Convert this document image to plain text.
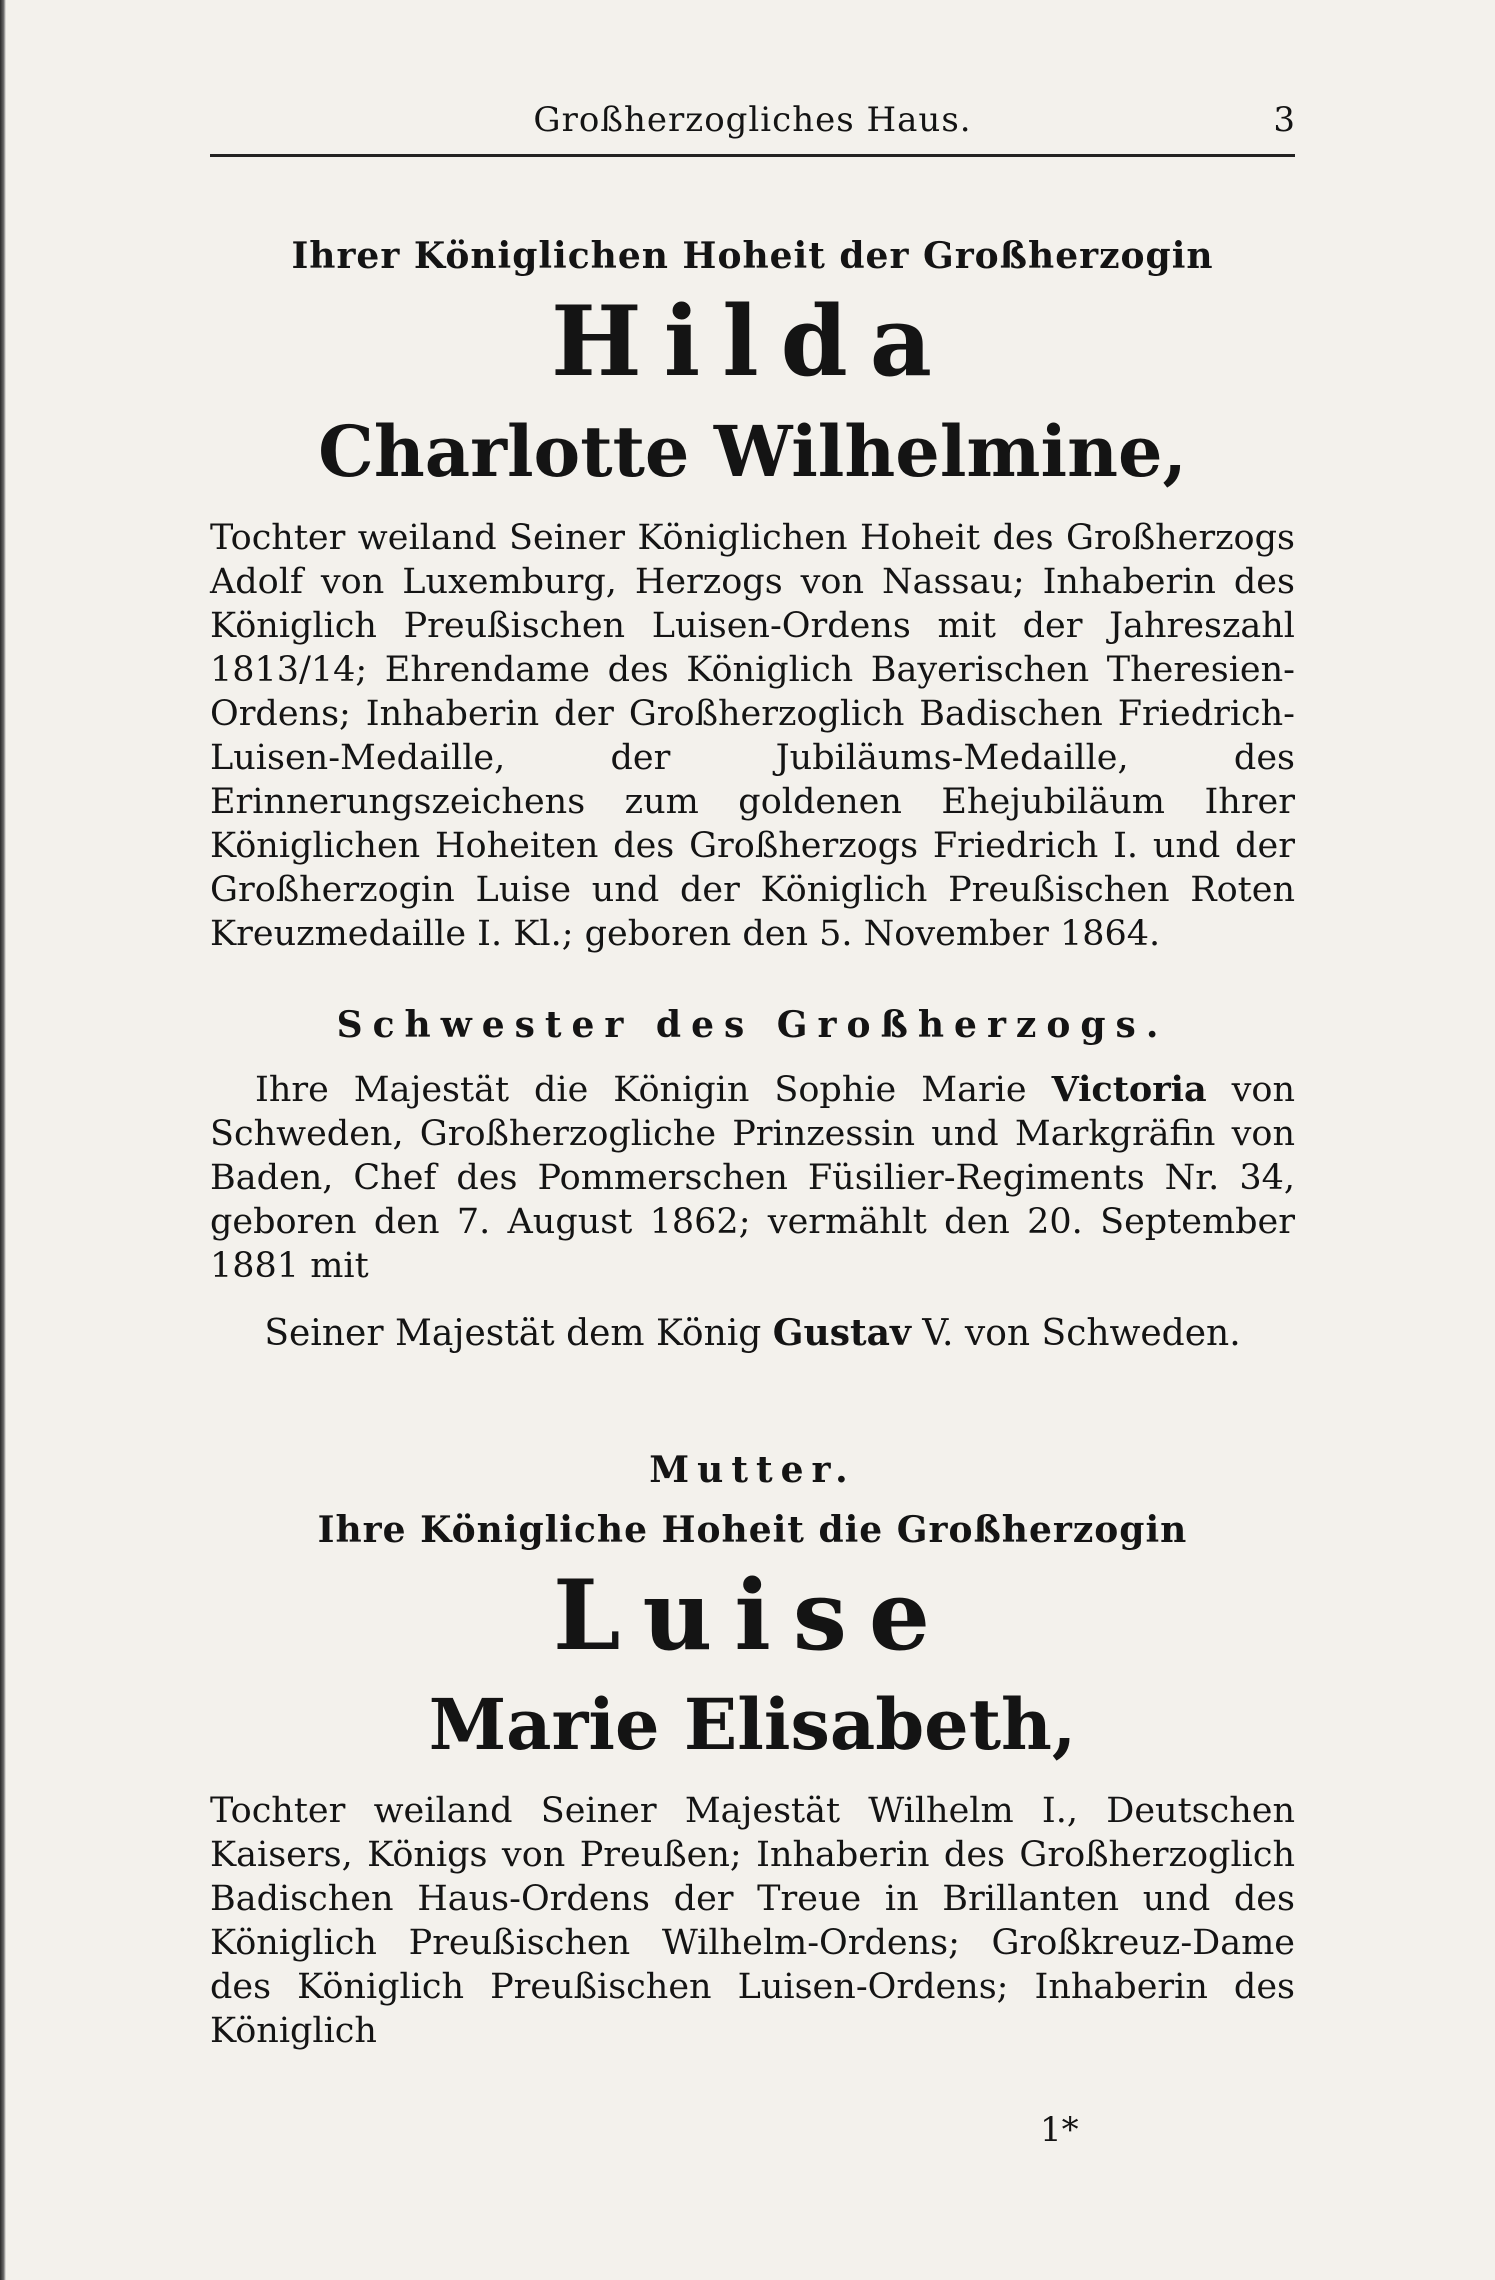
Großherzogliches Haus.	3
Ihrer Königlichen Hoheit der Großherzogin
Hilda
Charlotte Wilhelmine,

Tochter weiland Seiner Königlichen Hoheit des Großherzogs Adolf von Luxemburg, Herzogs von Nassau; Inhaberin des Königlich Preußischen Luisen-Ordens mit der Jahreszahl 1813/14; Ehrendame des Königlich Bayerischen Theresien-Ordens; Inhaberin der Großherzoglich Badischen Friedrich-Luisen-Medaille, der Jubiläums-Medaille, des Erinnerungszeichens zum goldenen Ehejubiläum Ihrer Königlichen Hoheiten des Großherzogs Friedrich I. und der Großherzogin Luise und der Königlich Preußischen Roten Kreuzmedaille I. Kl.; geboren den 5. November 1864.

Schwester des Großherzogs.

Ihre Majestät die Königin Sophie Marie Victoria von Schweden, Großherzogliche Prinzessin und Markgräfin von Baden, Chef des Pommerschen Füsilier-Regiments Nr. 34, geboren den 7. August 1862; vermählt den 20. September 1881 mit

Seiner Majestät dem König Gustav V. von Schweden.
Mutter.
Ihre Königliche Hoheit die Großherzogin
Luise
Marie Elisabeth,

Tochter weiland Seiner Majestät Wilhelm I., Deutschen Kaisers, Königs von Preußen; Inhaberin des Großherzoglich Badischen Haus-Ordens der Treue in Brillanten und des Königlich Preußischen Wilhelm-Ordens; Großkreuz-Dame des Königlich Preußischen Luisen-Ordens; Inhaberin des Königlich

1*
